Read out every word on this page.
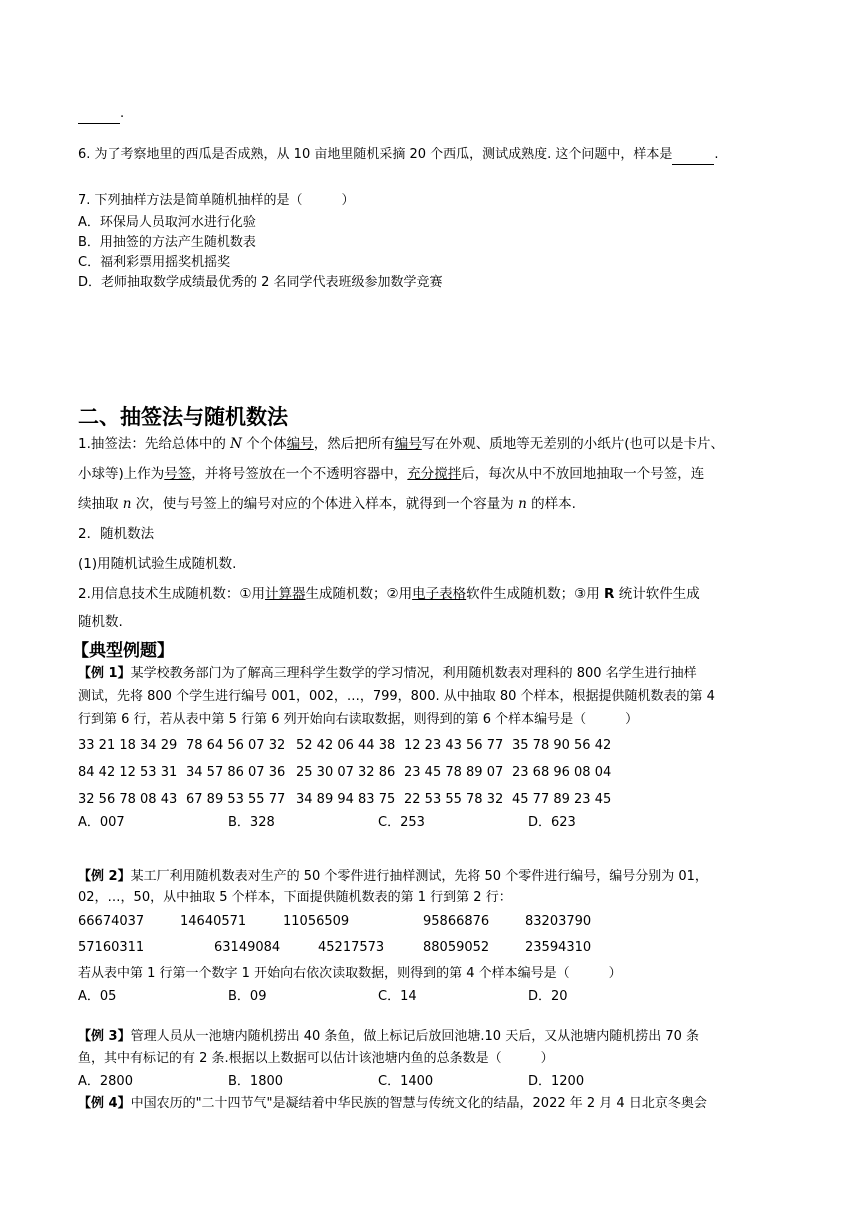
.
6. 为了考察地里的西瓜是否成熟，从 10 亩地里随机采摘 20 个西瓜，测试成熟度. 这个问题中，样本是	.
7. 下列抽样方法是简单随机抽样的是（　　　）
A．环保局人员取河水进行化验
B．用抽签的方法产生随机数表
C．福利彩票用摇奖机摇奖
D．老师抽取数学成绩最优秀的 2 名同学代表班级参加数学竞赛
二、抽签法与随机数法
1.抽签法：先给总体中的 N 个个体编号，然后把所有编号写在外观、质地等无差别的小纸片(也可以是卡片、
小球等)上作为号签，并将号签放在一个不透明容器中，充分搅拌后，每次从中不放回地抽取一个号签，连
续抽取 n 次，使与号签上的编号对应的个体进入样本，就得到一个容量为 n 的样本.
2．随机数法
(1)用随机试验生成随机数.
2.用信息技术生成随机数：①用计算器生成随机数；②用电子表格软件生成随机数；③用 R 统计软件生成
随机数.
【典型例题】
【例 1】某学校教务部门为了解高三理科学生数学的学习情况，利用随机数表对理科的 800 名学生进行抽样
测试，先将 800 个学生进行编号 001，002，…，799，800. 从中抽取 80 个样本，根据提供随机数表的第 4
行到第 6 行，若从表中第 5 行第 6 列开始向右读取数据，则得到的第 6 个样本编号是（　　　）
33 21 18 34 29 78 64 56 07 32 52 42 06 44 38 12 23 43 56 77 35 78 90 56 42
84 42 12 53 31 34 57 86 07 36 25 30 07 32 86 23 45 78 89 07 23 68 96 08 04
32 56 78 08 43 67 89 53 55 77 34 89 94 83 75 22 53 55 78 32 45 77 89 23 45
A．007	B．328	C．253	D．623
【例 2】某工厂利用随机数表对生产的 50 个零件进行抽样测试，先将 50 个零件进行编号，编号分别为 01，
02，…，50，从中抽取 5 个样本，下面提供随机数表的第 1 行到第 2 行：
66674037	14640571	11056509	95866876	83203790
57160311	63149084	45217573	88059052	23594310
若从表中第 1 行第一个数字 1 开始向右依次读取数据，则得到的第 4 个样本编号是（　　　）
A．05	B．09	C．14	D．20
【例 3】管理人员从一池塘内随机捞出 40 条鱼，做上标记后放回池塘.10 天后，又从池塘内随机捞出 70 条
鱼，其中有标记的有 2 条.根据以上数据可以估计该池塘内鱼的总条数是（　　　）
A．2800	B．1800	C．1400	D．1200
【例 4】中国农历的"二十四节气"是凝结着中华民族的智慧与传统文化的结晶，2022 年 2 月 4 日北京冬奥会
